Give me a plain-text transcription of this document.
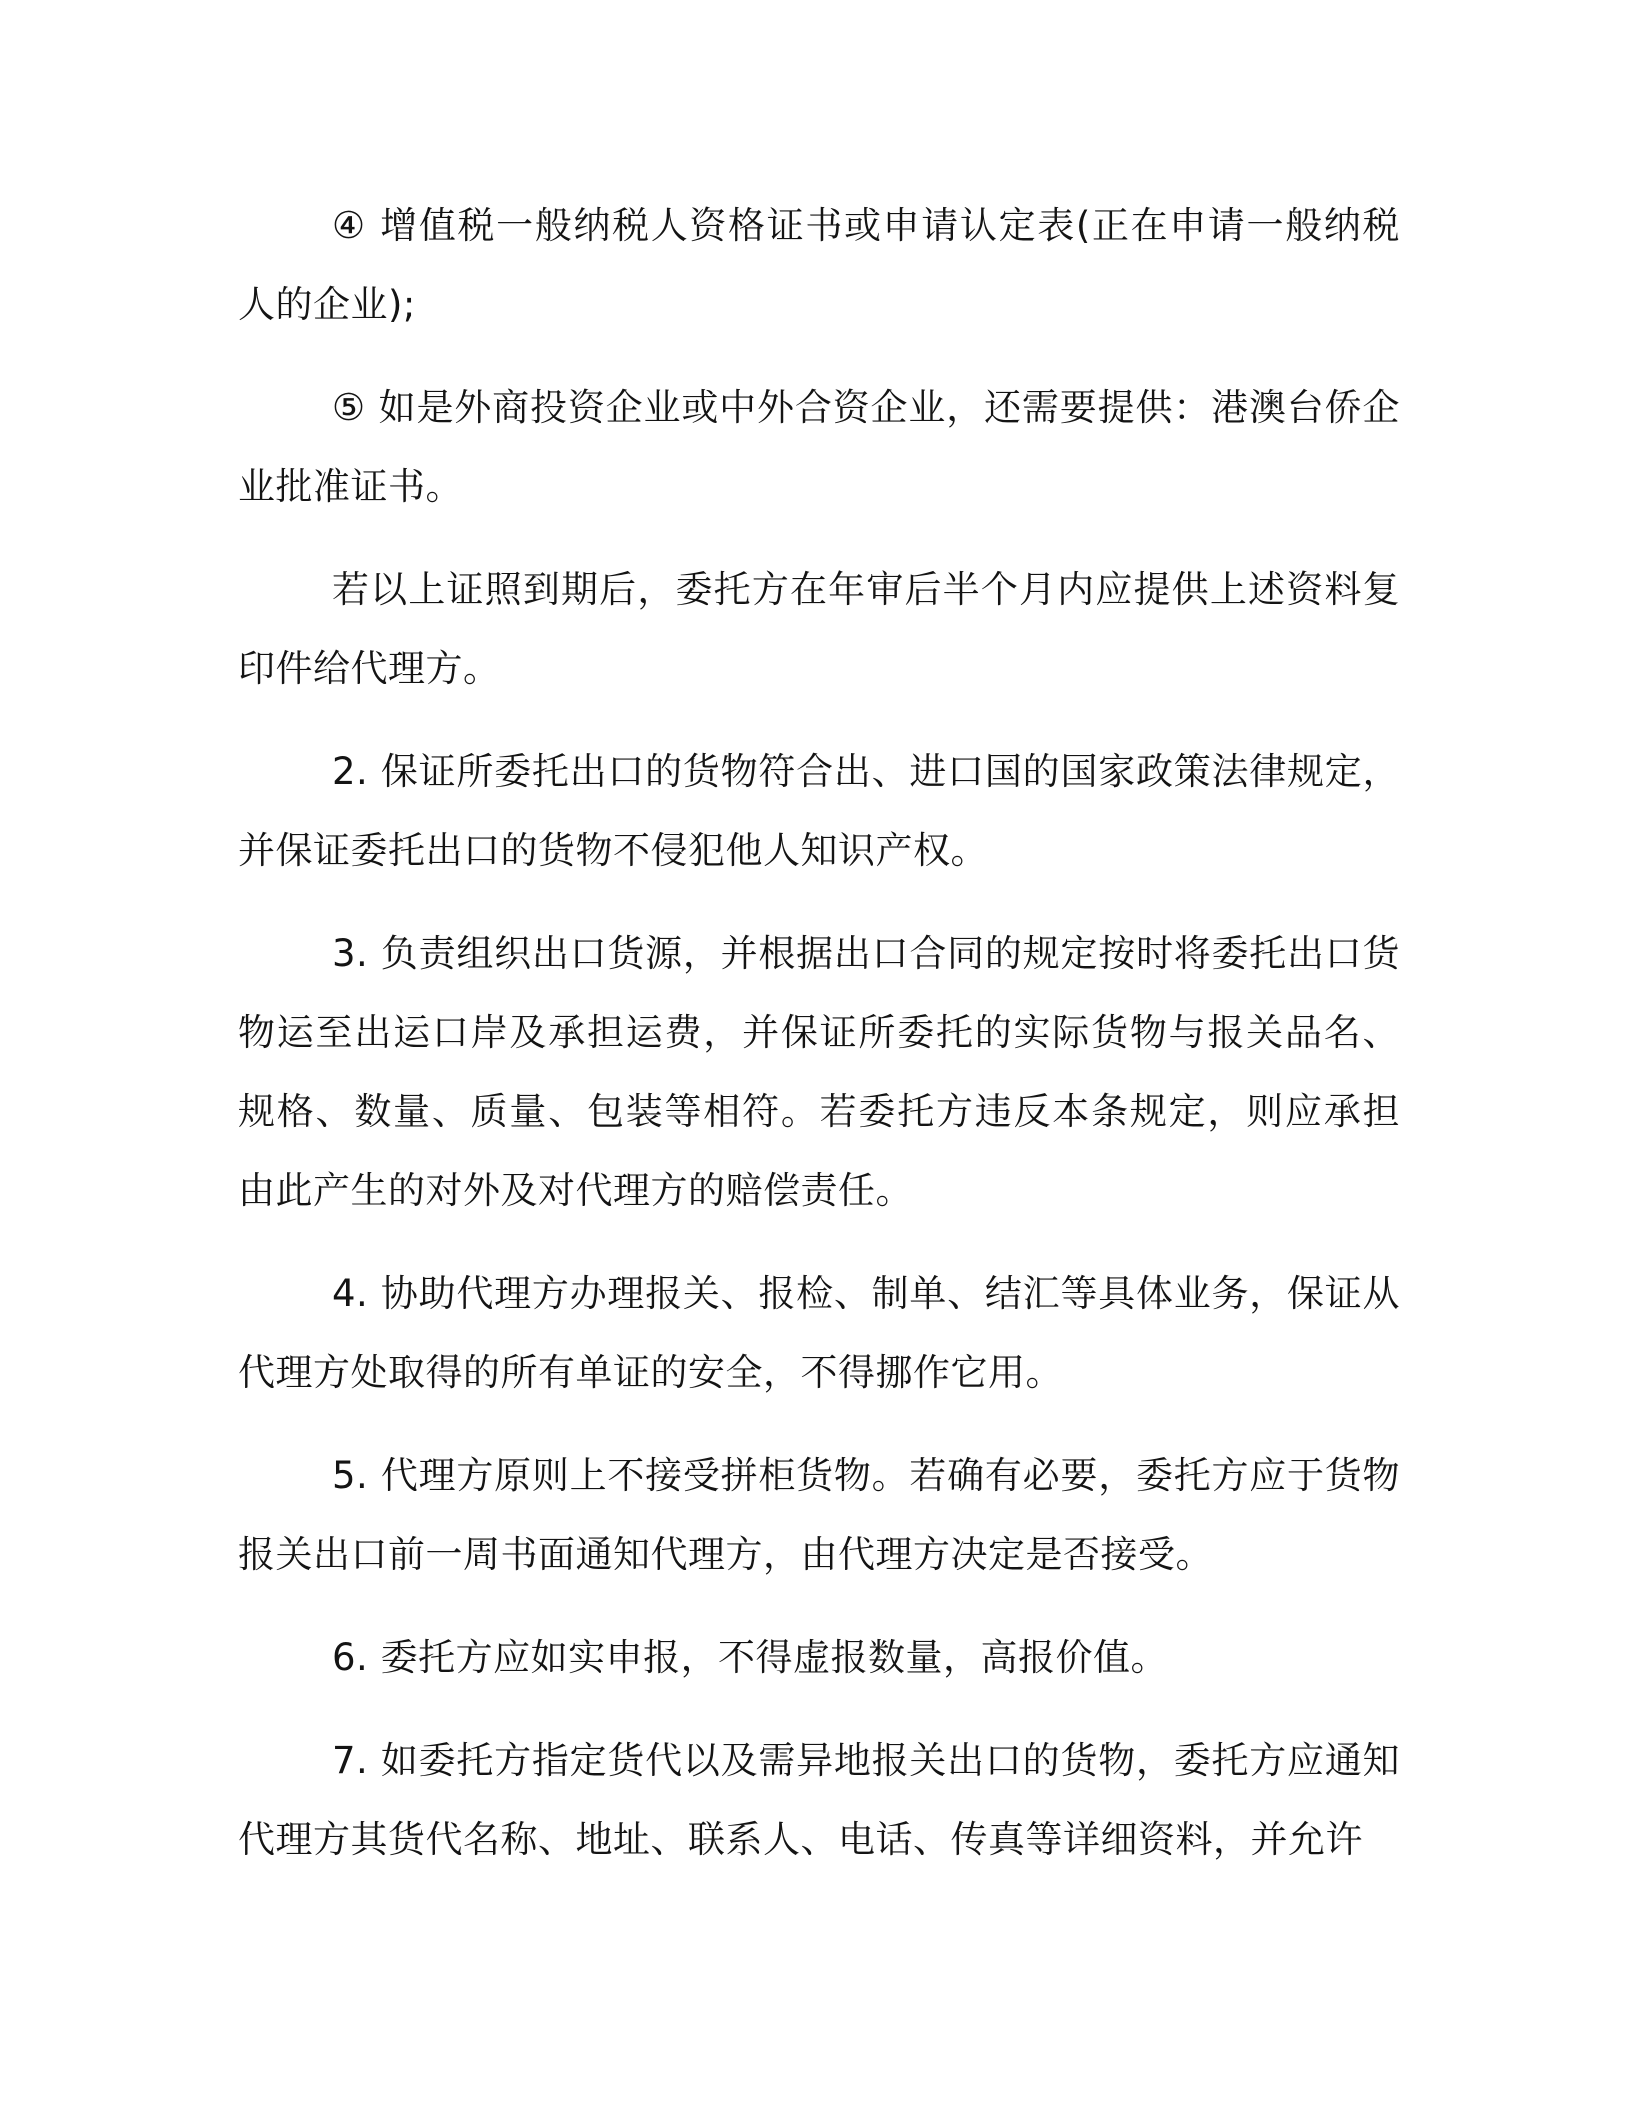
④ 增值税一般纳税人资格证书或申请认定表(正在申请一般纳税人的企业);

⑤ 如是外商投资企业或中外合资企业，还需要提供：港澳台侨企业批准证书。

若以上证照到期后，委托方在年审后半个月内应提供上述资料复印件给代理方。

2. 保证所委托出口的货物符合出、进口国的国家政策法律规定，并保证委托出口的货物不侵犯他人知识产权。

3. 负责组织出口货源，并根据出口合同的规定按时将委托出口货物运至出运口岸及承担运费，并保证所委托的实际货物与报关品名、规格、数量、质量、包装等相符。若委托方违反本条规定，则应承担由此产生的对外及对代理方的赔偿责任。

4. 协助代理方办理报关、报检、制单、结汇等具体业务，保证从代理方处取得的所有单证的安全，不得挪作它用。

5. 代理方原则上不接受拼柜货物。若确有必要，委托方应于货物报关出口前一周书面通知代理方，由代理方决定是否接受。

6. 委托方应如实申报，不得虚报数量，高报价值。

7. 如委托方指定货代以及需异地报关出口的货物，委托方应通知代理方其货代名称、地址、联系人、电话、传真等详细资料，并允许
